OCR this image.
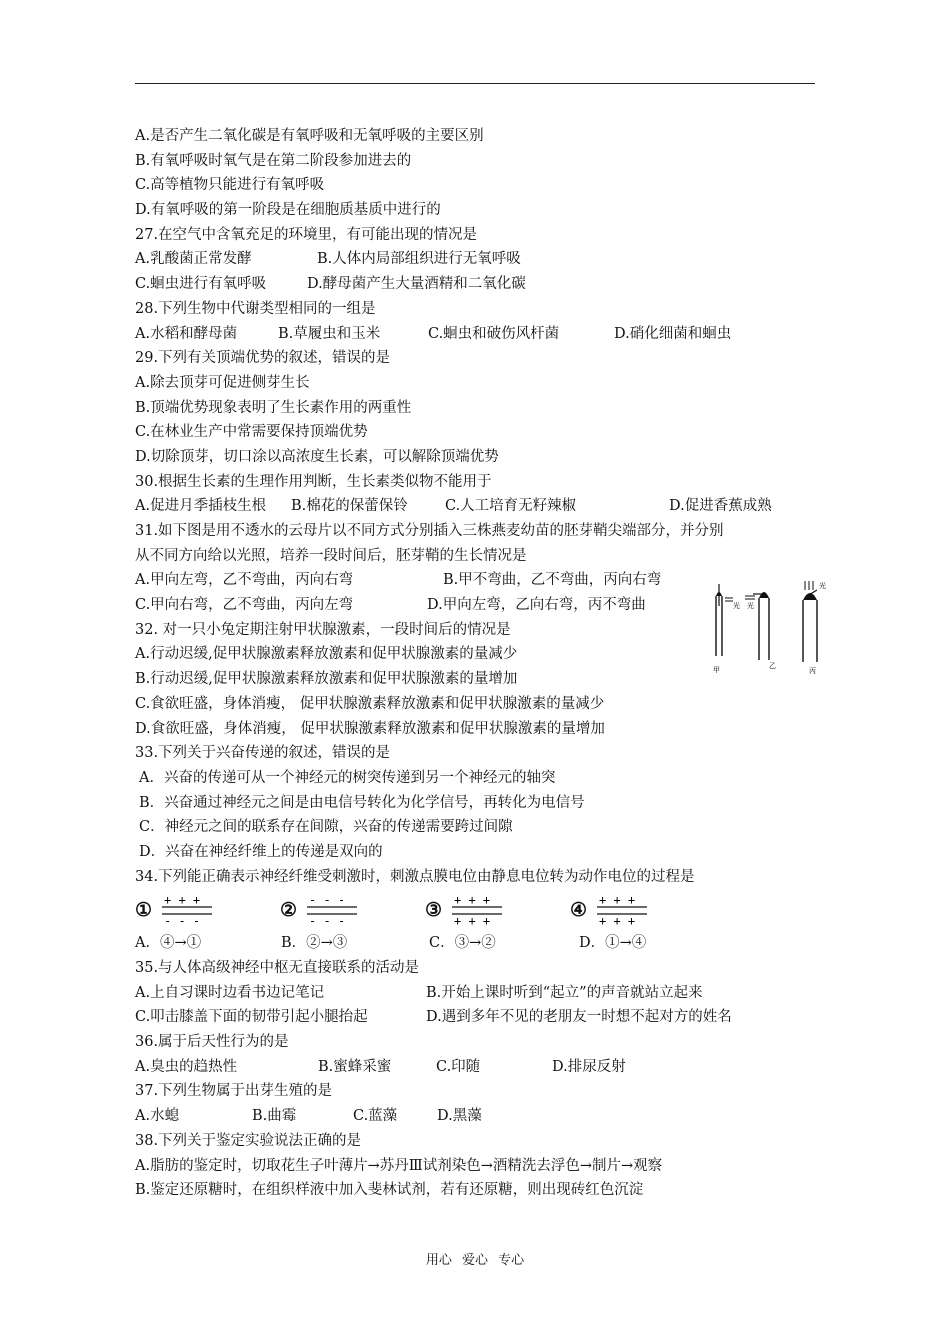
A.是否产生二氧化碳是有氧呼吸和无氧呼吸的主要区别
B.有氧呼吸时氧气是在第二阶段参加进去的
C.高等植物只能进行有氧呼吸
D.有氧呼吸的第一阶段是在细胞质基质中进行的
27.在空气中含氧充足的环境里，有可能出现的情况是
A.乳酸菌正常发酵	B.人体内局部组织进行无氧呼吸
C.蛔虫进行有氧呼吸	D.酵母菌产生大量酒精和二氧化碳
28.下列生物中代谢类型相同的一组是
A.水稻和酵母菌	B.草履虫和玉米	C.蛔虫和破伤风杆菌	D.硝化细菌和蛔虫
29.下列有关顶端优势的叙述，错误的是
A.除去顶芽可促进侧芽生长
B.顶端优势现象表明了生长素作用的两重性
C.在林业生产中常需要保持顶端优势
D.切除顶芽，切口涂以高浓度生长素，可以解除顶端优势
30.根据生长素的生理作用判断，生长素类似物不能用于
A.促进月季插枝生根	B.棉花的保蕾保铃	C.人工培育无籽辣椒	D.促进香蕉成熟
31.如下图是用不透水的云母片以不同方式分别插入三株燕麦幼苗的胚芽鞘尖端部分，并分别
从不同方向给以光照，培养一段时间后，胚芽鞘的生长情况是
A.甲向左弯，乙不弯曲，丙向右弯	B.甲不弯曲，乙不弯曲，丙向右弯
C.甲向右弯，乙不弯曲，丙向左弯	D.甲向左弯，乙向右弯，丙不弯曲
32. 对一只小兔定期注射甲状腺激素，一段时间后的情况是
A.行动迟缓,促甲状腺激素释放激素和促甲状腺激素的量减少
B.行动迟缓,促甲状腺激素释放激素和促甲状腺激素的量增加
C.食欲旺盛，身体消瘦， 促甲状腺激素释放激素和促甲状腺激素的量减少
D.食欲旺盛，身体消瘦， 促甲状腺激素释放激素和促甲状腺激素的量增加
33.下列关于兴奋传递的叙述，错误的是
A．兴奋的传递可从一个神经元的树突传递到另一个神经元的轴突
B．兴奋通过神经元之间是由电信号转化为化学信号，再转化为电信号
C．神经元之间的联系存在间隙，兴奋的传递需要跨过间隙
D．兴奋在神经纤维上的传递是双向的
34.下列能正确表示神经纤维受刺激时，刺激点膜电位由静息电位转为动作电位的过程是
① + + +
- - -	② - - -
- - -	③ + + +
+ + +	④ + + +
+ + +
A．④→①	B．②→③	C．③→②	D．①→④
35.与人体高级神经中枢无直接联系的活动是
A.上自习课时边看书边记笔记	B.开始上课时听到“起立”的声音就站立起来
C.叩击膝盖下面的韧带引起小腿抬起	D.遇到多年不见的老朋友一时想不起对方的姓名
36.属于后天性行为的是
A.臭虫的趋热性	B.蜜蜂采蜜	C.印随	D.排尿反射
37.下列生物属于出芽生殖的是
A.水螅	B.曲霉	C.蓝藻	D.黑藻
38.下列关于鉴定实验说法正确的是
A.脂肪的鉴定时，切取花生子叶薄片→苏丹Ⅲ试剂染色→酒精洗去浮色→制片→观察
B.鉴定还原糖时，在组织样液中加入斐林试剂，若有还原糖，则出现砖红色沉淀
光
甲
光
乙
光
丙
用心 爱心 专心
